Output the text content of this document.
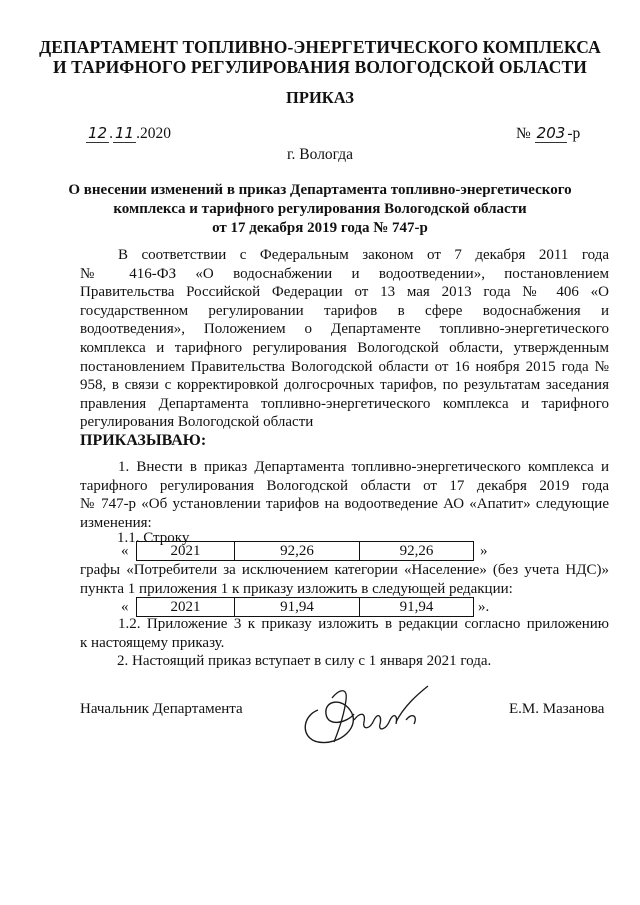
ДЕПАРТАМЕНТ ТОПЛИВНО-ЭНЕРГЕТИЧЕСКОГО КОМПЛЕКСА
И ТАРИФНОГО РЕГУЛИРОВАНИЯ ВОЛОГОДСКОЙ ОБЛАСТИ
ПРИКАЗ
12 . 11 .2020	№ 203 -р
г. Вологда
О внесении изменений в приказ Департамента топливно-энергетического
комплекса и тарифного регулирования Вологодской области
от 17 декабря 2019 года № 747-р
В соответствии с Федеральным законом от 7 декабря 2011 года
№ 416-ФЗ «О водоснабжении и водоотведении», постановлением
Правительства Российской Федерации от 13 мая 2013 года № 406 «О
государственном регулировании тарифов в сфере водоснабжения и
водоотведения», Положением о Департаменте топливно-энергетического
комплекса и тарифного регулирования Вологодской области, утвержденным
постановлением Правительства Вологодской области от 16 ноября 2015 года №
958, в связи с корректировкой долгосрочных тарифов, по результатам заседания
правления Департамента топливно-энергетического комплекса и тарифного
регулирования Вологодской области
ПРИКАЗЫВАЮ:
1. Внести в приказ Департамента топливно-энергетического комплекса и
тарифного регулирования Вологодской области от 17 декабря 2019 года
№ 747-р «Об установлении тарифов на водоотведение АО «Апатит» следующие
изменения:
1.1. Строку
«	2021	92,26	92,26	»
графы «Потребители за исключением категории «Население» (без учета НДС)»
пункта 1 приложения 1 к приказу изложить в следующей редакции:
«	2021	91,94	91,94	».
1.2. Приложение 3 к приказу изложить в редакции согласно приложению
к настоящему приказу.
2. Настоящий приказ вступает в силу с 1 января 2021 года.
Начальник Департамента	Е.М. Мазанова
